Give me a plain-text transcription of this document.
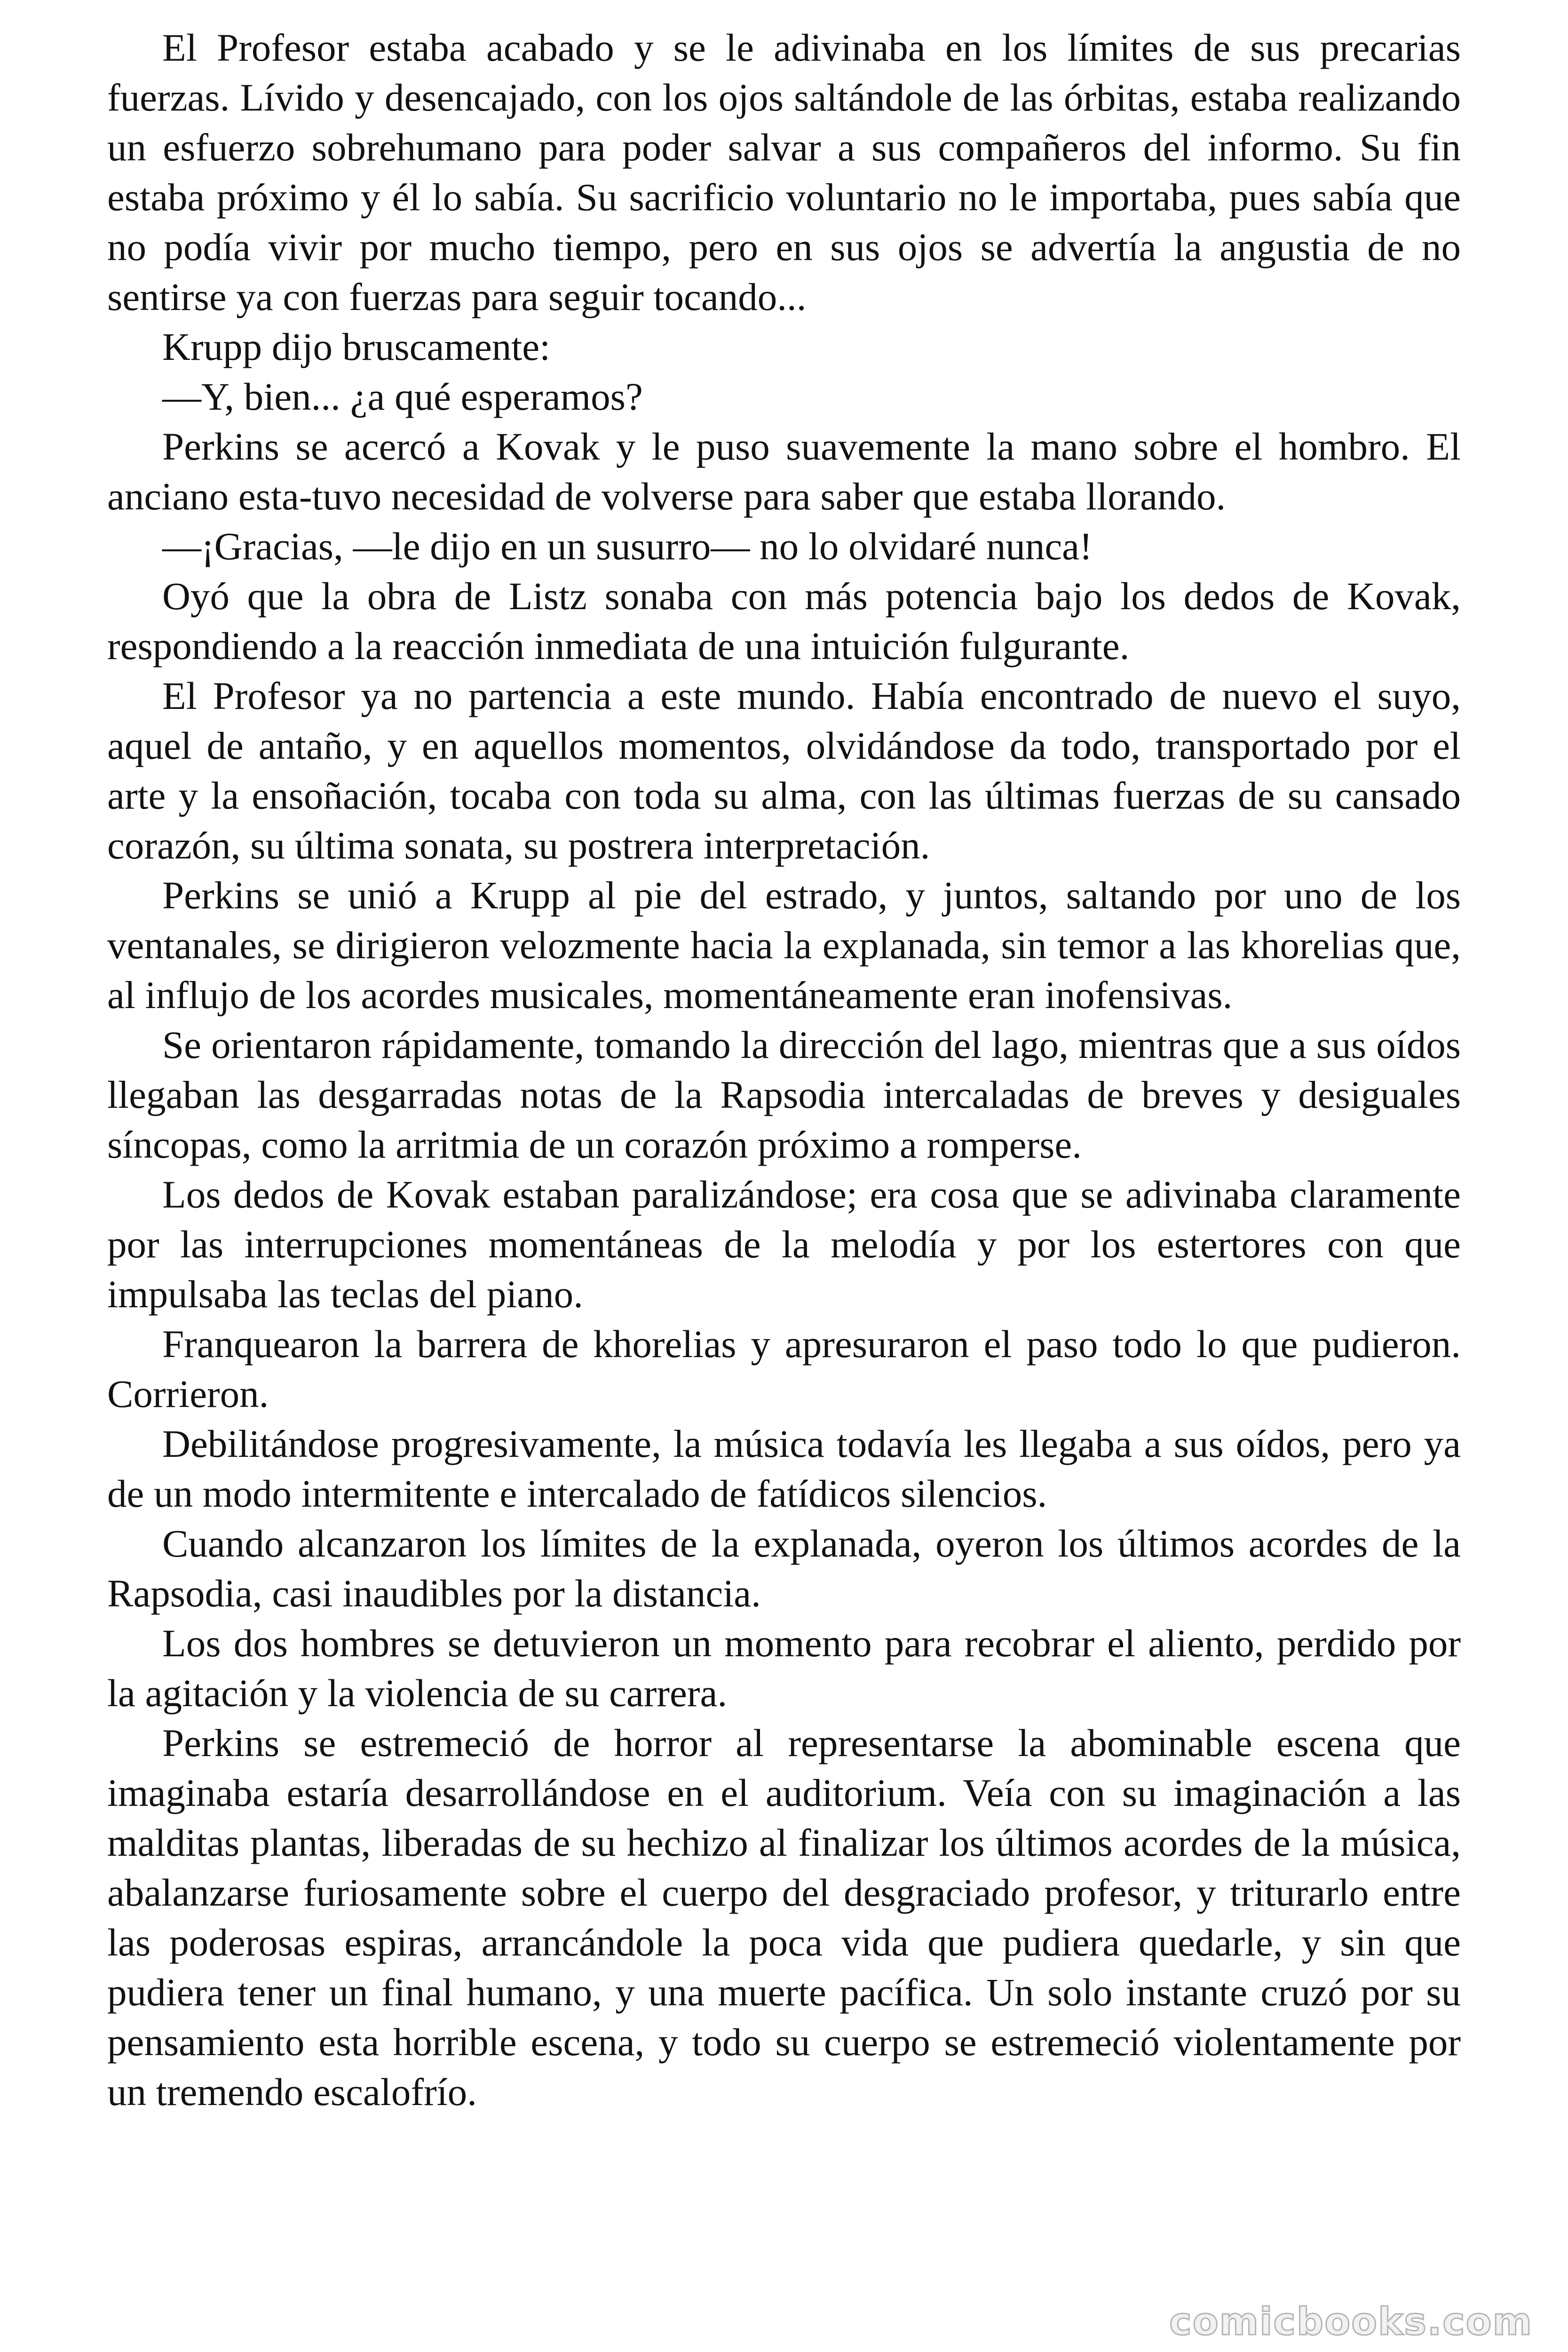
El Profesor estaba acabado y se le adivinaba en los límites de sus precarias fuerzas. Lívido y desencajado, con los ojos saltándole de las órbitas, estaba realizando un esfuerzo sobrehumano para poder salvar a sus compañeros del informo. Su fin estaba próximo y él lo sabía. Su sacrificio voluntario no le importaba, pues sabía que no podía vivir por mucho tiempo, pero en sus ojos se advertía la angustia de no sentirse ya con fuerzas para seguir tocando...

Krupp dijo bruscamente:

—Y, bien... ¿a qué esperamos?

Perkins se acercó a Kovak y le puso suavemente la mano sobre el hombro. El anciano esta-tuvo necesidad de volverse para saber que estaba llorando.

—¡Gracias, —le dijo en un susurro— no lo olvidaré nunca!

Oyó que la obra de Listz sonaba con más potencia bajo los dedos de Kovak, respondiendo a la reacción inmediata de una intuición fulgurante.

El Profesor ya no partencia a este mundo. Había encontrado de nuevo el suyo, aquel de antaño, y en aquellos momentos, olvidándose da todo, transportado por el arte y la ensoñación, tocaba con toda su alma, con las últimas fuerzas de su cansado corazón, su última sonata, su postrera interpretación.

Perkins se unió a Krupp al pie del estrado, y juntos, saltando por uno de los ventanales, se dirigieron velozmente hacia la explanada, sin temor a las khorelias que, al influjo de los acordes musicales, momentáneamente eran inofensivas.

Se orientaron rápidamente, tomando la dirección del lago, mientras que a sus oídos llegaban las desgarradas notas de la Rapsodia intercaladas de breves y desiguales síncopas, como la arritmia de un corazón próximo a romperse.

Los dedos de Kovak estaban paralizándose; era cosa que se adivinaba claramente por las interrupciones momentáneas de la melodía y por los estertores con que impulsaba las teclas del piano.

Franquearon la barrera de khorelias y apresuraron el paso todo lo que pudieron. Corrieron.

Debilitándose progresivamente, la música todavía les llegaba a sus oídos, pero ya de un modo intermitente e intercalado de fatídicos silencios.

Cuando alcanzaron los límites de la explanada, oyeron los últimos acordes de la Rapsodia, casi inaudibles por la distancia.

Los dos hombres se detuvieron un momento para recobrar el aliento, perdido por la agitación y la violencia de su carrera.

Perkins se estremeció de horror al representarse la abominable escena que imaginaba estaría desarrollándose en el auditorium. Veía con su imaginación a las malditas plantas, liberadas de su hechizo al finalizar los últimos acordes de la música, abalanzarse furiosamente sobre el cuerpo del desgraciado profesor, y triturarlo entre las poderosas espiras, arrancándole la poca vida que pudiera quedarle, y sin que pudiera tener un final humano, y una muerte pacífica. Un solo instante cruzó por su pensamiento esta horrible escena, y todo su cuerpo se estremeció violentamente por un tremendo escalofrío.

comicbooks.com
